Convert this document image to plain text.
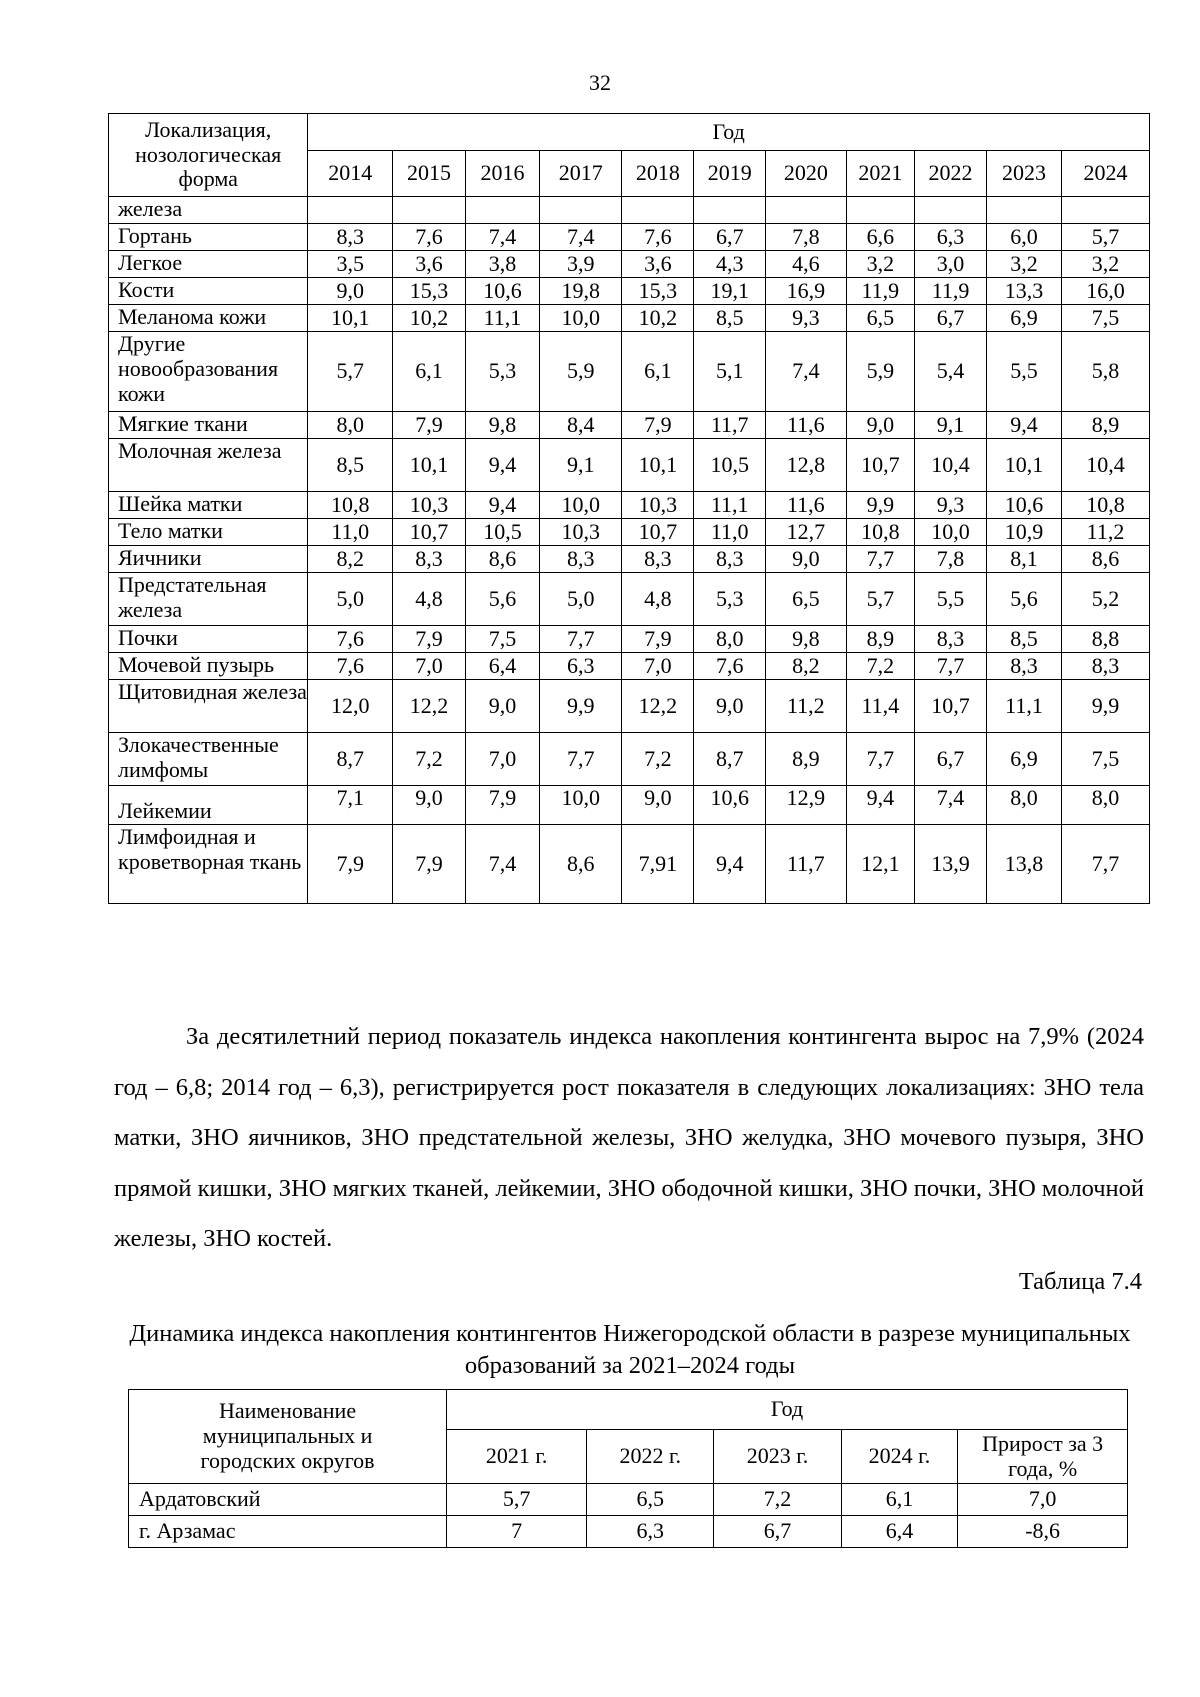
32
Локализация, нозологическая форма	Год										
	2014	2015	2016	2017	2018	2019	2020	2021	2022	2023	2024
железа											
Гортань	8,3	7,6	7,4	7,4	7,6	6,7	7,8	6,6	6,3	6,0	5,7
Легкое	3,5	3,6	3,8	3,9	3,6	4,3	4,6	3,2	3,0	3,2	3,2
Кости	9,0	15,3	10,6	19,8	15,3	19,1	16,9	11,9	11,9	13,3	16,0
Меланома кожи	10,1	10,2	11,1	10,0	10,2	8,5	9,3	6,5	6,7	6,9	7,5
Другие новообразования кожи	5,7	6,1	5,3	5,9	6,1	5,1	7,4	5,9	5,4	5,5	5,8
Мягкие ткани	8,0	7,9	9,8	8,4	7,9	11,7	11,6	9,0	9,1	9,4	8,9
Молочная железа	8,5	10,1	9,4	9,1	10,1	10,5	12,8	10,7	10,4	10,1	10,4
Шейка матки	10,8	10,3	9,4	10,0	10,3	11,1	11,6	9,9	9,3	10,6	10,8
Тело матки	11,0	10,7	10,5	10,3	10,7	11,0	12,7	10,8	10,0	10,9	11,2
Яичники	8,2	8,3	8,6	8,3	8,3	8,3	9,0	7,7	7,8	8,1	8,6
Предстательная железа	5,0	4,8	5,6	5,0	4,8	5,3	6,5	5,7	5,5	5,6	5,2
Почки	7,6	7,9	7,5	7,7	7,9	8,0	9,8	8,9	8,3	8,5	8,8
Мочевой пузырь	7,6	7,0	6,4	6,3	7,0	7,6	8,2	7,2	7,7	8,3	8,3
Щитовидная железа	12,0	12,2	9,0	9,9	12,2	9,0	11,2	11,4	10,7	11,1	9,9
Злокачественные лимфомы	8,7	7,2	7,0	7,7	7,2	8,7	8,9	7,7	6,7	6,9	7,5
Лейкемии	7,1	9,0	7,9	10,0	9,0	10,6	12,9	9,4	7,4	8,0	8,0
Лимфоидная и кроветворная ткань	7,9	7,9	7,4	8,6	7,91	9,4	11,7	12,1	13,9	13,8	7,7

За десятилетний период показатель индекса накопления контингента вырос на 7,9% (2024 год – 6,8; 2014 год – 6,3), регистрируется рост показателя в следующих локализациях: ЗНО тела матки, ЗНО яичников, ЗНО предстательной железы, ЗНО желудка, ЗНО мочевого пузыря, ЗНО прямой кишки, ЗНО мягких тканей, лейкемии, ЗНО ободочной кишки, ЗНО почки, ЗНО молочной железы, ЗНО костей.

Таблица 7.4
Динамика индекса накопления контингентов Нижегородской области в разрезе муниципальных образований за 2021–2024 годы
Наименование муниципальных и городских округов	Год				
	2021 г.	2022 г.	2023 г.	2024 г.	Прирост за 3 года, %
Ардатовский	5,7	6,5	7,2	6,1	7,0
г. Арзамас	7	6,3	6,7	6,4	-8,6
